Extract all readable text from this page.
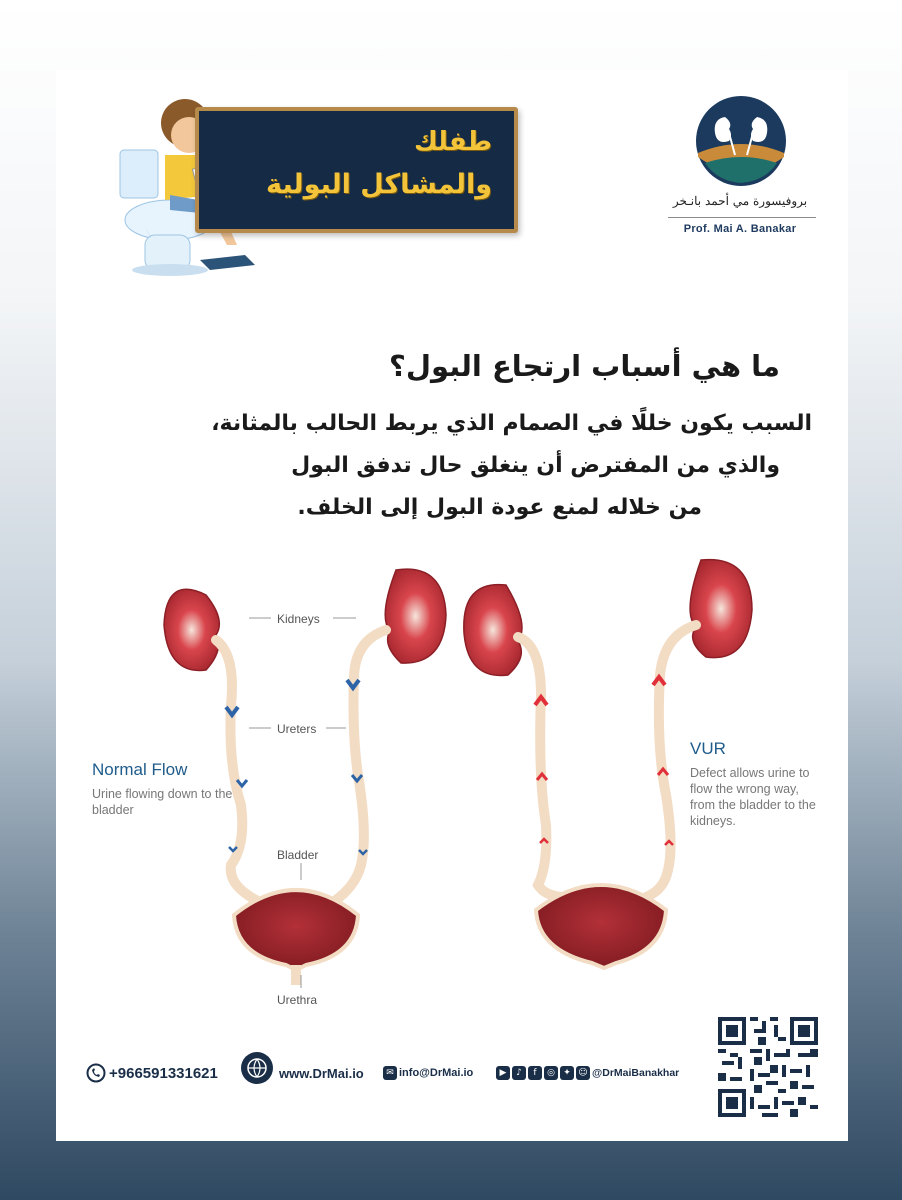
طفلك
والمشاكل البولية
بروفيسورة مي أحمد بانـخر
Prof. Mai A. Banakar
ما هي أسباب ارتجاع البول؟
السبب يكون خللًا في الصمام الذي يربط الحالب بالمثانة،
والذي من المفترض أن ينغلق حال تدفق البول
من خلاله لمنع عودة البول إلى الخلف.
Kidneys
Ureters
Bladder
Urethra
Normal Flow
Urine flowing down to the bladder
VUR
Defect allows urine to flow the wrong way, from the bladder to the kidneys.
+966591331621	www.DrMai.io	✉ info@DrMai.io	▶	♪	f	◎ ✦ ☺ @DrMaiBanakhar
